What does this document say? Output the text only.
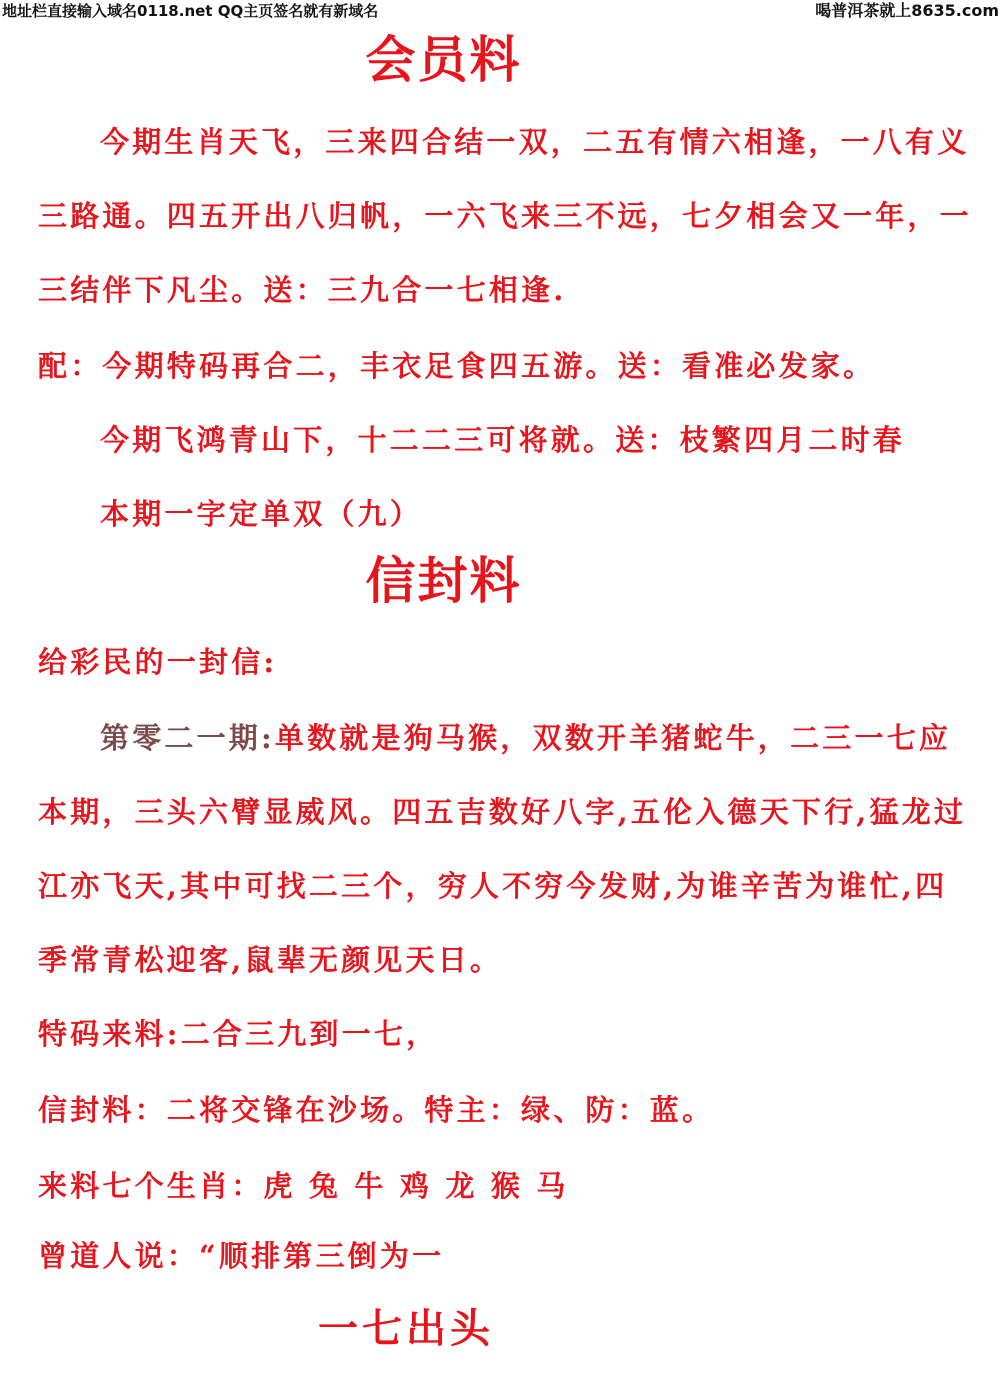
地址栏直接输入域名0118.net QQ主页签名就有新域名	喝普洱茶就上8635.com
会员料
今期生肖天飞，三来四合结一双，二五有情六相逢，一八有义
三路通。四五开出八归帆，一六飞来三不远，七夕相会又一年，一
三结伴下凡尘。送：三九合一七相逢.
配：今期特码再合二，丰衣足食四五游。送：看准必发家。
今期飞鸿青山下，十二二三可将就。送：枝繁四月二时春
本期一字定单双（九）
信封料
给彩民的一封信:
第零二一期:单数就是狗马猴，双数开羊猪蛇牛，二三一七应
本期，三头六臂显威风。四五吉数好八字,五伦入德天下行,猛龙过
江亦飞天,其中可找二三个，穷人不穷今发财,为谁辛苦为谁忙,四
季常青松迎客,鼠辈无颜见天日。
特码来料:二合三九到一七，
信封料：二将交锋在沙场。特主：绿、防：蓝。
来料七个生肖：虎 兔 牛 鸡 龙 猴 马
曾道人说：“顺排第三倒为一
一七出头
